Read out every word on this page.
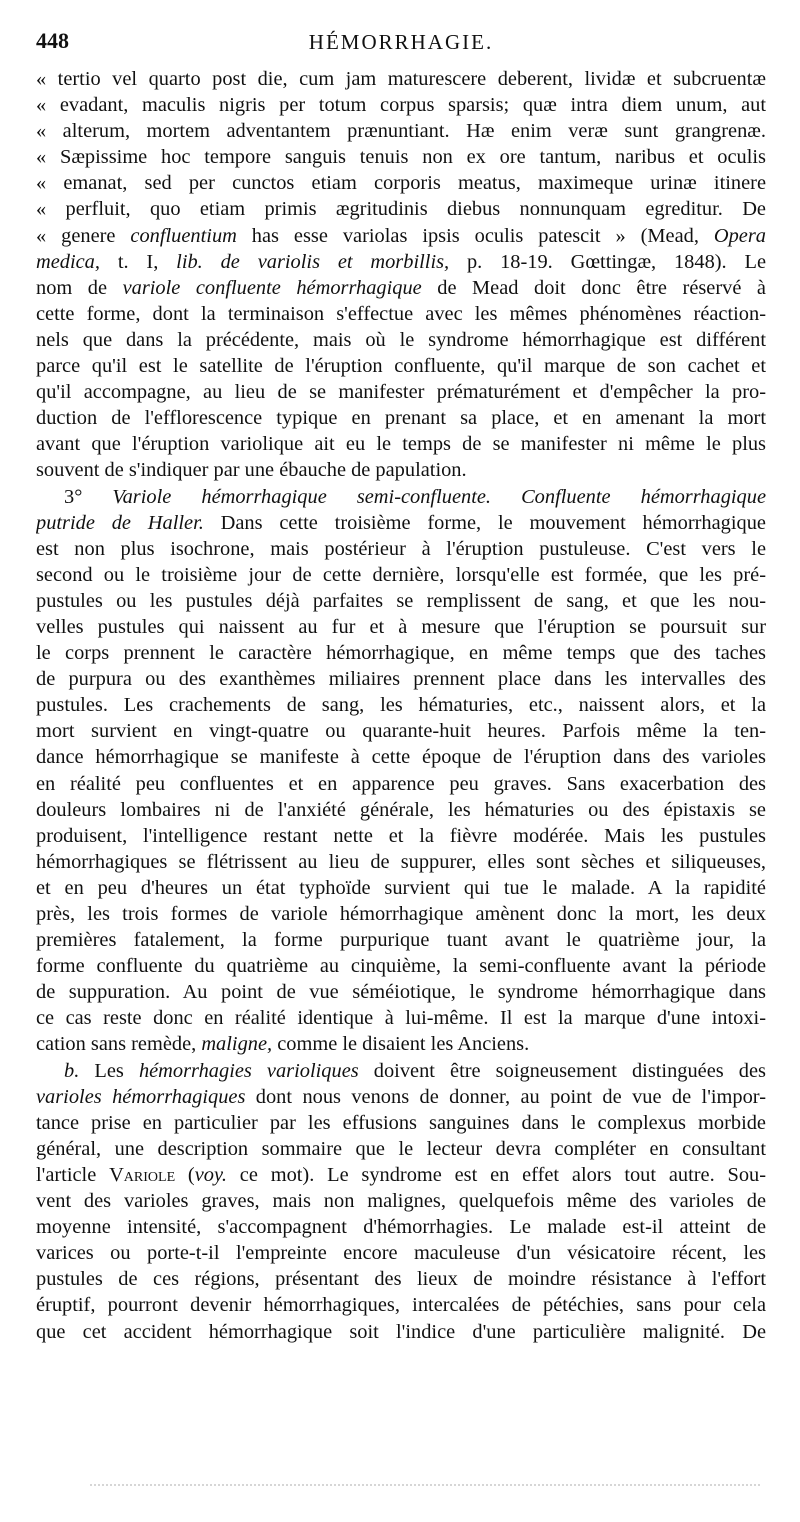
448	HÉMORRHAGIE.
« tertio vel quarto post die, cum jam maturescere deberent, lividæ et subcruentæ
« evadant, maculis nigris per totum corpus sparsis; quæ intra diem unum, aut
« alterum, mortem adventantem prænuntiant. Hæ enim veræ sunt grangrenæ.
« Sæpissime hoc tempore sanguis tenuis non ex ore tantum, naribus et oculis
« emanat, sed per cunctos etiam corporis meatus, maximeque urinæ itinere
« perfluit, quo etiam primis ægritudinis diebus nonnunquam egreditur. De
« genere confluentium has esse variolas ipsis oculis patescit » (Mead, Opera
medica, t. I, lib. de variolis et morbillis, p. 18-19. Gœttingæ, 1848). Le
nom de variole confluente hémorrhagique de Mead doit donc être réservé à
cette forme, dont la terminaison s'effectue avec les mêmes phénomènes réaction-
nels que dans la précédente, mais où le syndrome hémorrhagique est différent
parce qu'il est le satellite de l'éruption confluente, qu'il marque de son cachet et
qu'il accompagne, au lieu de se manifester prématurément et d'empêcher la pro-
duction de l'efflorescence typique en prenant sa place, et en amenant la mort
avant que l'éruption variolique ait eu le temps de se manifester ni même le plus
souvent de s'indiquer par une ébauche de papulation.
3° Variole hémorrhagique semi-confluente. Confluente hémorrhagique
putride de Haller. Dans cette troisième forme, le mouvement hémorrhagique
est non plus isochrone, mais postérieur à l'éruption pustuleuse. C'est vers le
second ou le troisième jour de cette dernière, lorsqu'elle est formée, que les pré-
pustules ou les pustules déjà parfaites se remplissent de sang, et que les nou-
velles pustules qui naissent au fur et à mesure que l'éruption se poursuit sur
le corps prennent le caractère hémorrhagique, en même temps que des taches
de purpura ou des exanthèmes miliaires prennent place dans les intervalles des
pustules. Les crachements de sang, les hématuries, etc., naissent alors, et la
mort survient en vingt-quatre ou quarante-huit heures. Parfois même la ten-
dance hémorrhagique se manifeste à cette époque de l'éruption dans des varioles
en réalité peu confluentes et en apparence peu graves. Sans exacerbation des
douleurs lombaires ni de l'anxiété générale, les hématuries ou des épistaxis se
produisent, l'intelligence restant nette et la fièvre modérée. Mais les pustules
hémorrhagiques se flétrissent au lieu de suppurer, elles sont sèches et siliqueuses,
et en peu d'heures un état typhoïde survient qui tue le malade. A la rapidité
près, les trois formes de variole hémorrhagique amènent donc la mort, les deux
premières fatalement, la forme purpurique tuant avant le quatrième jour, la
forme confluente du quatrième au cinquième, la semi-confluente avant la période
de suppuration. Au point de vue séméiotique, le syndrome hémorrhagique dans
ce cas reste donc en réalité identique à lui-même. Il est la marque d'une intoxi-
cation sans remède, maligne, comme le disaient les Anciens.
b. Les hémorrhagies varioliques doivent être soigneusement distinguées des
varioles hémorrhagiques dont nous venons de donner, au point de vue de l'impor-
tance prise en particulier par les effusions sanguines dans le complexus morbide
général, une description sommaire que le lecteur devra compléter en consultant
l'article Variole (voy. ce mot). Le syndrome est en effet alors tout autre. Sou-
vent des varioles graves, mais non malignes, quelquefois même des varioles de
moyenne intensité, s'accompagnent d'hémorrhagies. Le malade est-il atteint de
varices ou porte-t-il l'empreinte encore maculeuse d'un vésicatoire récent, les
pustules de ces régions, présentant des lieux de moindre résistance à l'effort
éruptif, pourront devenir hémorrhagiques, intercalées de pétéchies, sans pour cela
que cet accident hémorrhagique soit l'indice d'une particulière malignité. De
